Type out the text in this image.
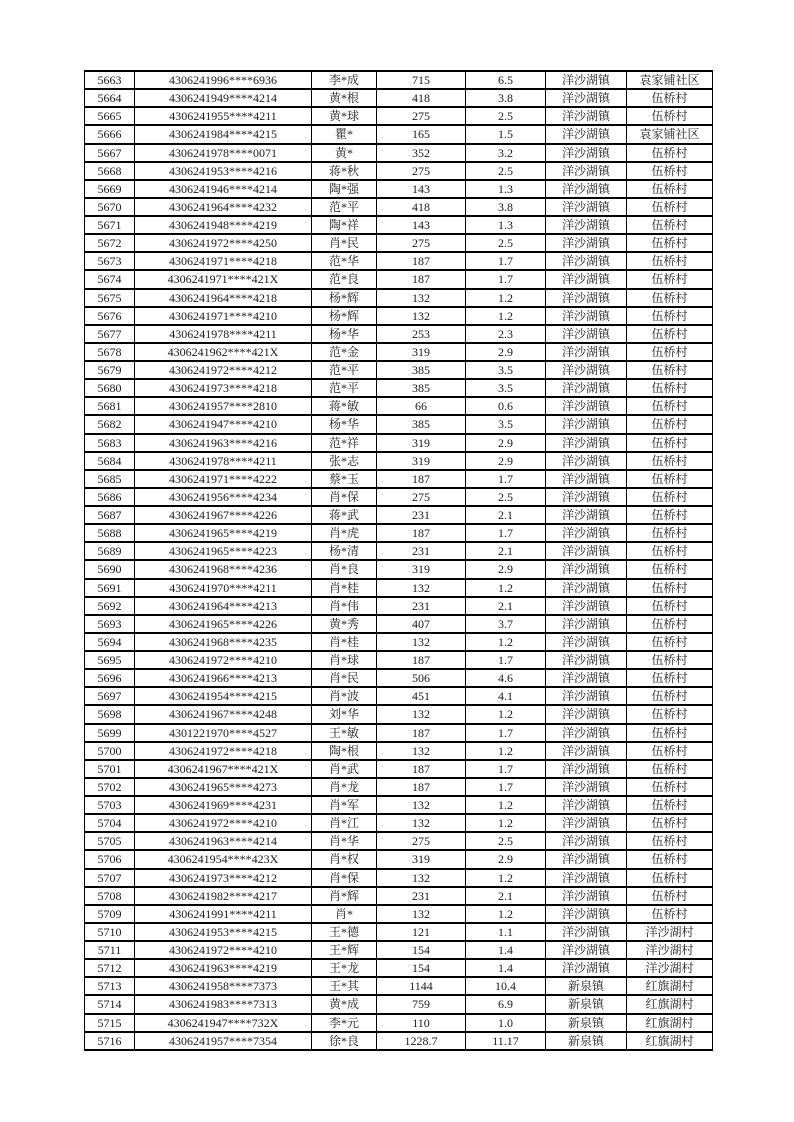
5663	4306241996****6936	李*成	715	6.5	洋沙湖镇	袁家铺社区
5664	4306241949****4214	黄*根	418	3.8	洋沙湖镇	伍桥村
5665	4306241955****4211	黄*球	275	2.5	洋沙湖镇	伍桥村
5666	4306241984****4215	瞿*	165	1.5	洋沙湖镇	袁家铺社区
5667	4306241978****0071	黄*	352	3.2	洋沙湖镇	伍桥村
5668	4306241953****4216	蒋*秋	275	2.5	洋沙湖镇	伍桥村
5669	4306241946****4214	陶*强	143	1.3	洋沙湖镇	伍桥村
5670	4306241964****4232	范*平	418	3.8	洋沙湖镇	伍桥村
5671	4306241948****4219	陶*祥	143	1.3	洋沙湖镇	伍桥村
5672	4306241972****4250	肖*民	275	2.5	洋沙湖镇	伍桥村
5673	4306241971****4218	范*华	187	1.7	洋沙湖镇	伍桥村
5674	4306241971****421X	范*良	187	1.7	洋沙湖镇	伍桥村
5675	4306241964****4218	杨*辉	132	1.2	洋沙湖镇	伍桥村
5676	4306241971****4210	杨*辉	132	1.2	洋沙湖镇	伍桥村
5677	4306241978****4211	杨*华	253	2.3	洋沙湖镇	伍桥村
5678	4306241962****421X	范*金	319	2.9	洋沙湖镇	伍桥村
5679	4306241972****4212	范*平	385	3.5	洋沙湖镇	伍桥村
5680	4306241973****4218	范*平	385	3.5	洋沙湖镇	伍桥村
5681	4306241957****2810	蒋*敏	66	0.6	洋沙湖镇	伍桥村
5682	4306241947****4210	杨*华	385	3.5	洋沙湖镇	伍桥村
5683	4306241963****4216	范*祥	319	2.9	洋沙湖镇	伍桥村
5684	4306241978****4211	张*志	319	2.9	洋沙湖镇	伍桥村
5685	4306241971****4222	蔡*玉	187	1.7	洋沙湖镇	伍桥村
5686	4306241956****4234	肖*保	275	2.5	洋沙湖镇	伍桥村
5687	4306241967****4226	蒋*武	231	2.1	洋沙湖镇	伍桥村
5688	4306241965****4219	肖*虎	187	1.7	洋沙湖镇	伍桥村
5689	4306241965****4223	杨*清	231	2.1	洋沙湖镇	伍桥村
5690	4306241968****4236	肖*良	319	2.9	洋沙湖镇	伍桥村
5691	4306241970****4211	肖*桂	132	1.2	洋沙湖镇	伍桥村
5692	4306241964****4213	肖*伟	231	2.1	洋沙湖镇	伍桥村
5693	4306241965****4226	黄*秀	407	3.7	洋沙湖镇	伍桥村
5694	4306241968****4235	肖*桂	132	1.2	洋沙湖镇	伍桥村
5695	4306241972****4210	肖*球	187	1.7	洋沙湖镇	伍桥村
5696	4306241966****4213	肖*民	506	4.6	洋沙湖镇	伍桥村
5697	4306241954****4215	肖*波	451	4.1	洋沙湖镇	伍桥村
5698	4306241967****4248	刘*华	132	1.2	洋沙湖镇	伍桥村
5699	4301221970****4527	王*敏	187	1.7	洋沙湖镇	伍桥村
5700	4306241972****4218	陶*根	132	1.2	洋沙湖镇	伍桥村
5701	4306241967****421X	肖*武	187	1.7	洋沙湖镇	伍桥村
5702	4306241965****4273	肖*龙	187	1.7	洋沙湖镇	伍桥村
5703	4306241969****4231	肖*军	132	1.2	洋沙湖镇	伍桥村
5704	4306241972****4210	肖*江	132	1.2	洋沙湖镇	伍桥村
5705	4306241963****4214	肖*华	275	2.5	洋沙湖镇	伍桥村
5706	4306241954****423X	肖*权	319	2.9	洋沙湖镇	伍桥村
5707	4306241973****4212	肖*保	132	1.2	洋沙湖镇	伍桥村
5708	4306241982****4217	肖*辉	231	2.1	洋沙湖镇	伍桥村
5709	4306241991****4211	肖*	132	1.2	洋沙湖镇	伍桥村
5710	4306241953****4215	王*德	121	1.1	洋沙湖镇	洋沙湖村
5711	4306241972****4210	王*辉	154	1.4	洋沙湖镇	洋沙湖村
5712	4306241963****4219	王*龙	154	1.4	洋沙湖镇	洋沙湖村
5713	4306241958****7373	王*其	1144	10.4	新泉镇	红旗湖村
5714	4306241983****7313	黄*成	759	6.9	新泉镇	红旗湖村
5715	4306241947****732X	李*元	110	1.0	新泉镇	红旗湖村
5716	4306241957****7354	徐*良	1228.7	11.17	新泉镇	红旗湖村
